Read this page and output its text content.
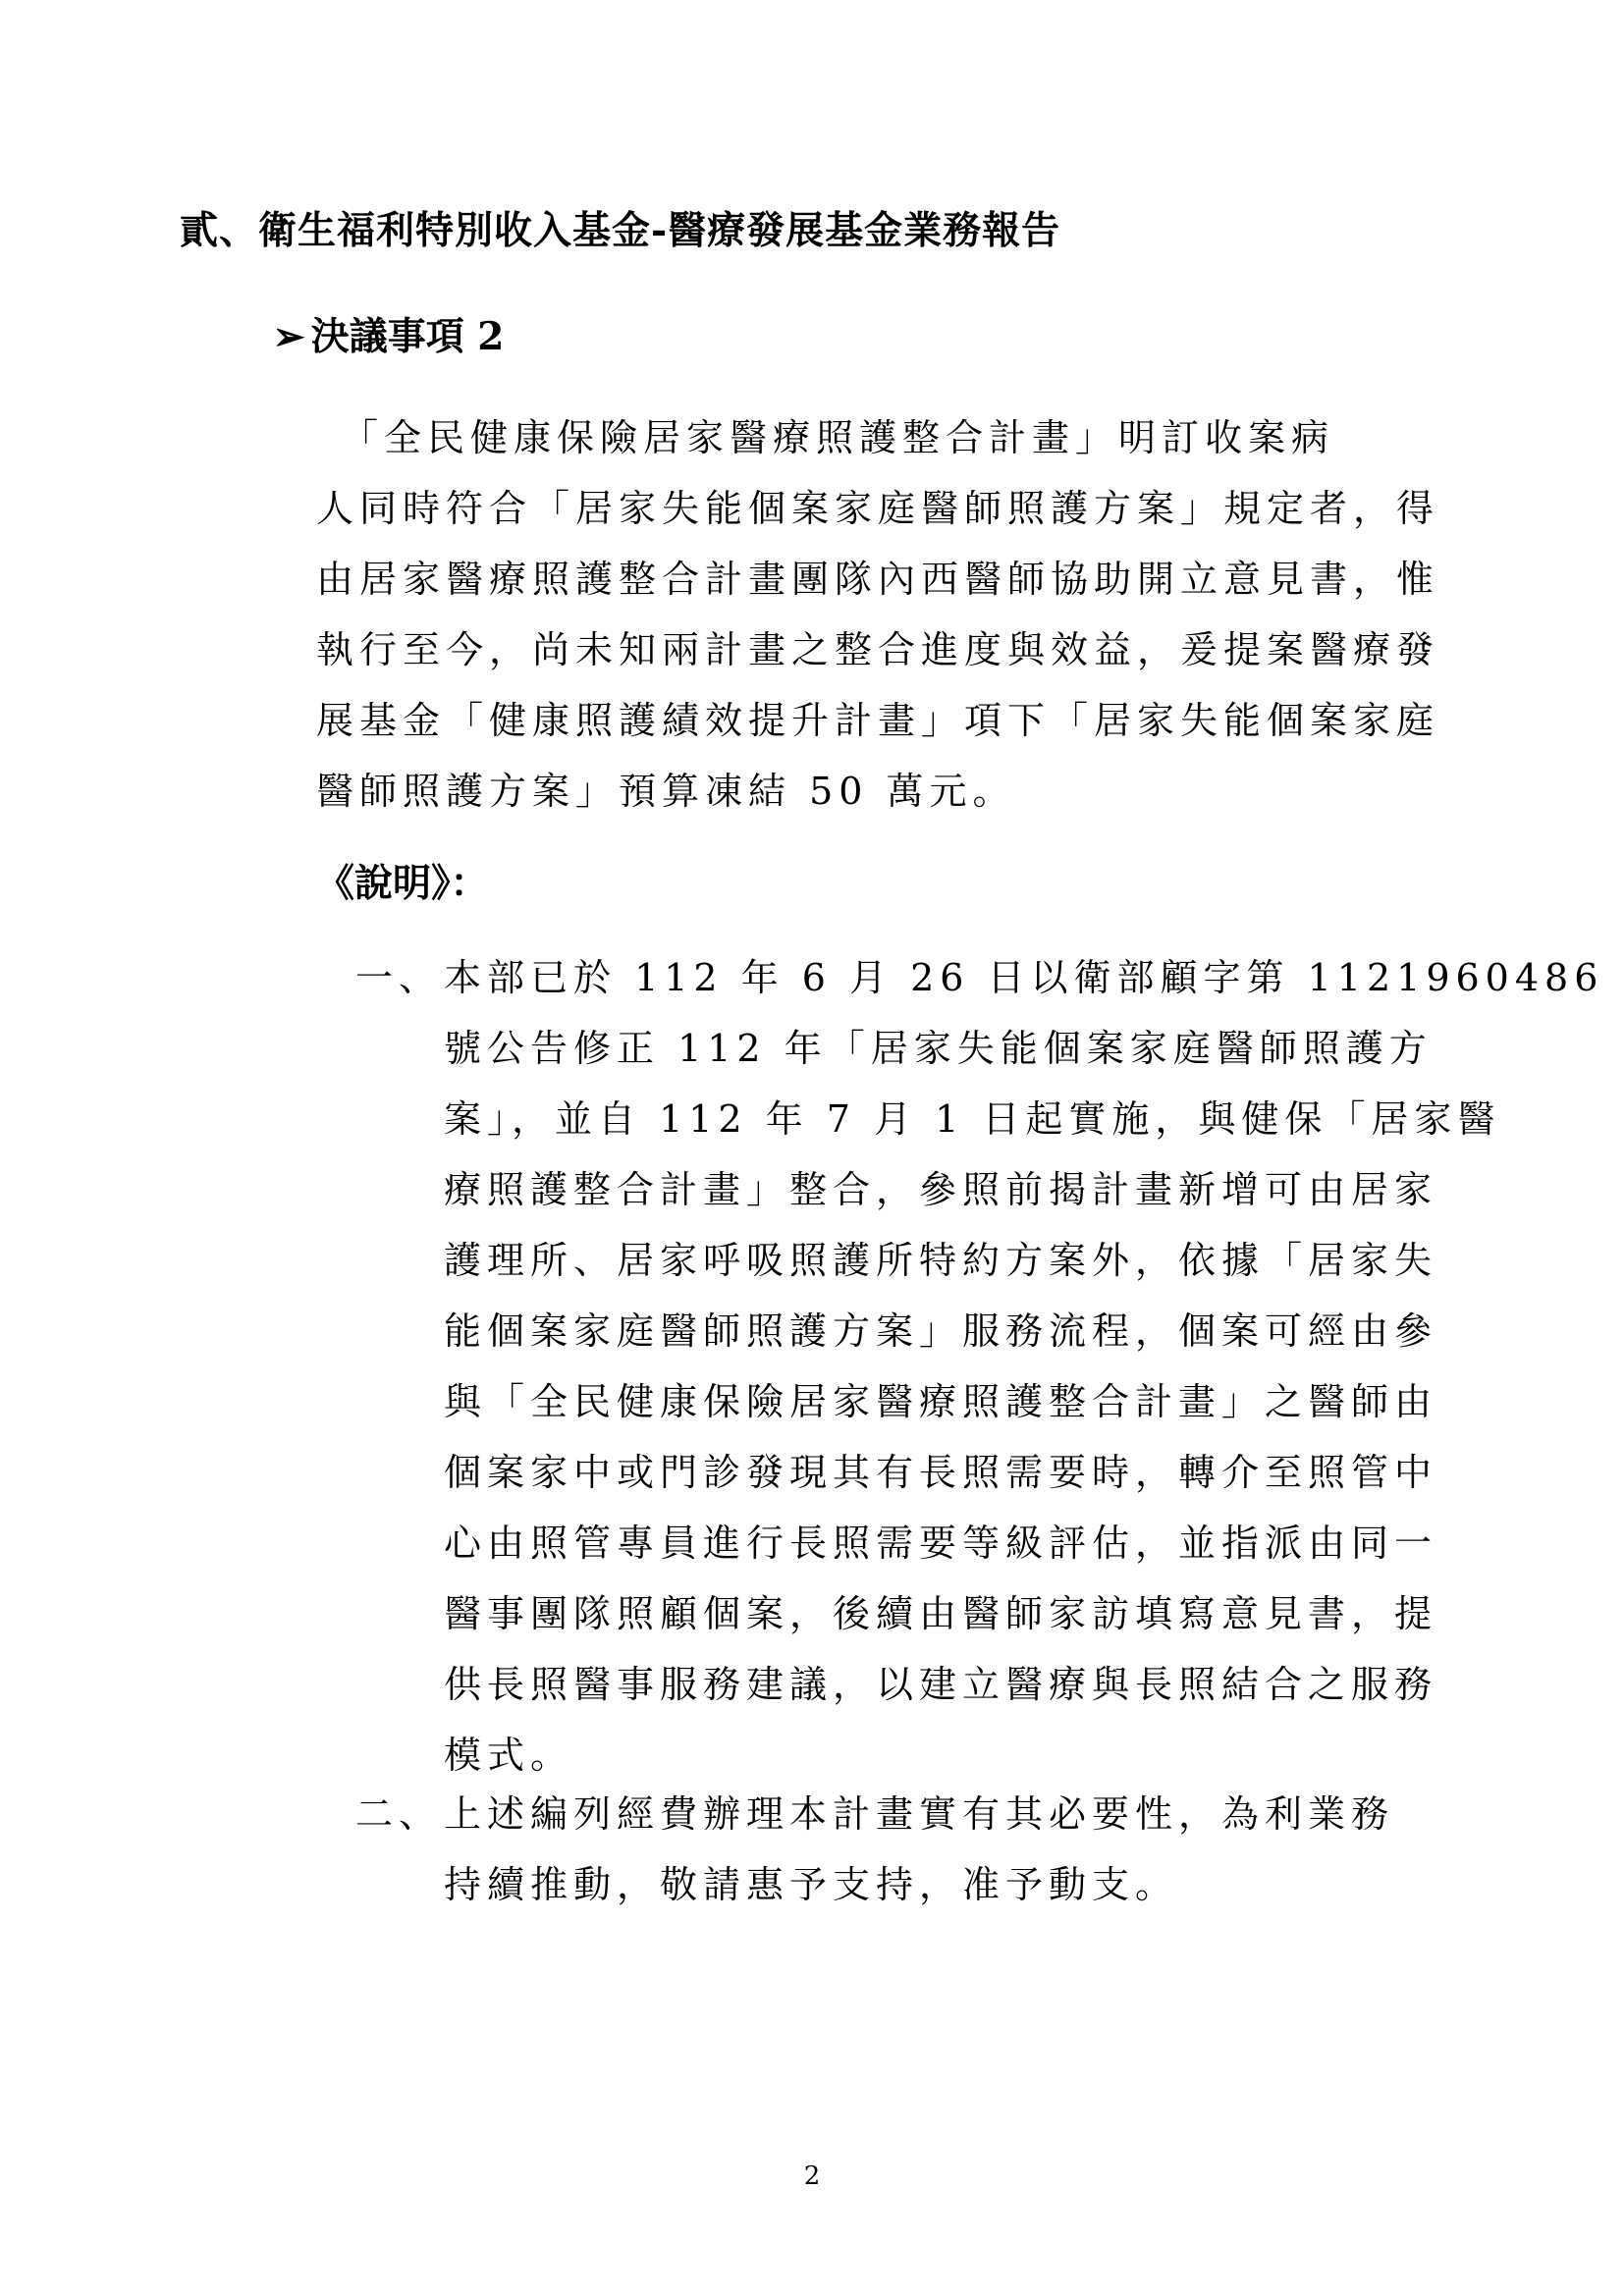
貳、衛生福利特別收入基金-醫療發展基金業務報告
➢ 決議事項 2
　「全民健康保險居家醫療照護整合計畫」明訂收案病
人同時符合「居家失能個案家庭醫師照護方案」規定者，得
由居家醫療照護整合計畫團隊內西醫師協助開立意見書，惟
執行至今，尚未知兩計畫之整合進度與效益，爰提案醫療發
展基金「健康照護績效提升計畫」項下「居家失能個案家庭
醫師照護方案」預算凍結 50 萬元。
《說明》：
一、 本部已於 112 年 6 月 26 日以衛部顧字第 1121960486
號公告修正 112 年「居家失能個案家庭醫師照護方
案」，並自 112 年 7 月 1 日起實施，與健保「居家醫
療照護整合計畫」整合，參照前揭計畫新增可由居家
護理所、居家呼吸照護所特約方案外，依據「居家失
能個案家庭醫師照護方案」服務流程，個案可經由參
與「全民健康保險居家醫療照護整合計畫」之醫師由
個案家中或門診發現其有長照需要時，轉介至照管中
心由照管專員進行長照需要等級評估，並指派由同一
醫事團隊照顧個案，後續由醫師家訪填寫意見書，提
供長照醫事服務建議，以建立醫療與長照結合之服務
模式。
二、 上述編列經費辦理本計畫實有其必要性，為利業務
持續推動，敬請惠予支持，准予動支。
2
